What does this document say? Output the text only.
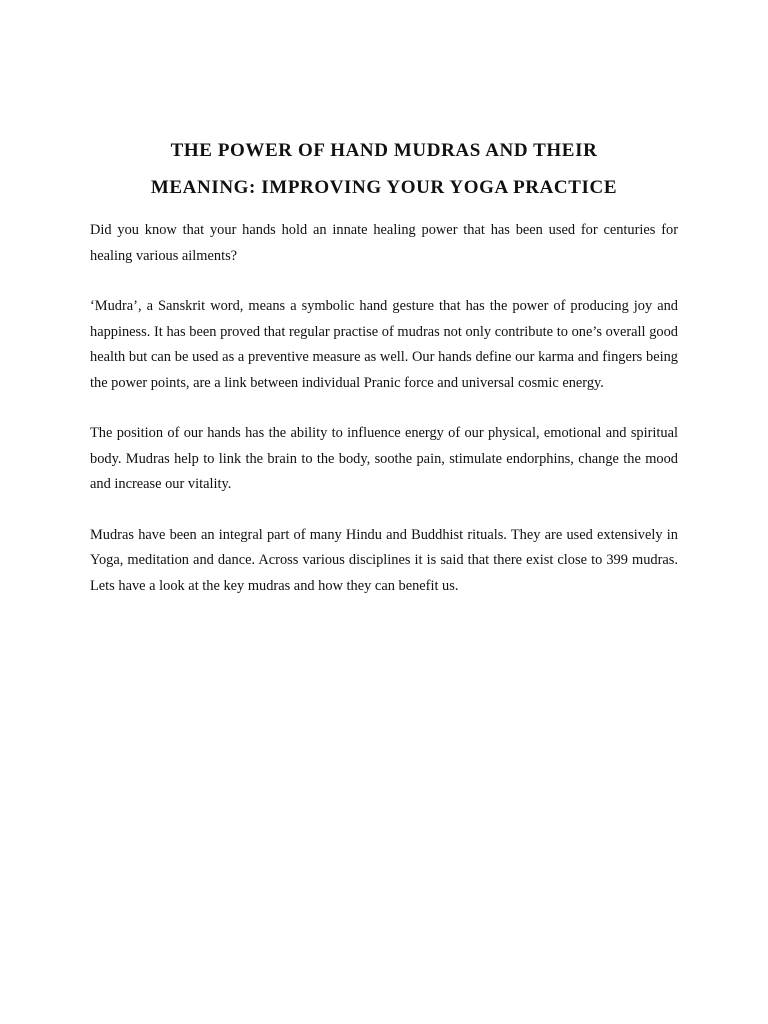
THE POWER OF HAND MUDRAS AND THEIR
MEANING: IMPROVING YOUR YOGA PRACTICE

Did you know that your hands hold an innate healing power that has been used for centuries for healing various ailments?

‘Mudra’, a Sanskrit word, means a symbolic hand gesture that has the power of producing joy and happiness. It has been proved that regular practise of mudras not only contribute to one’s overall good health but can be used as a preventive measure as well. Our hands define our karma and fingers being the power points, are a link between individual Pranic force and universal cosmic energy.

The position of our hands has the ability to influence energy of our physical, emotional and spiritual body. Mudras help to link the brain to the body, soothe pain, stimulate endorphins, change the mood and increase our vitality.

Mudras have been an integral part of many Hindu and Buddhist rituals. They are used extensively in Yoga, meditation and dance. Across various disciplines it is said that there exist close to 399 mudras. Lets have a look at the key mudras and how they can benefit us.
